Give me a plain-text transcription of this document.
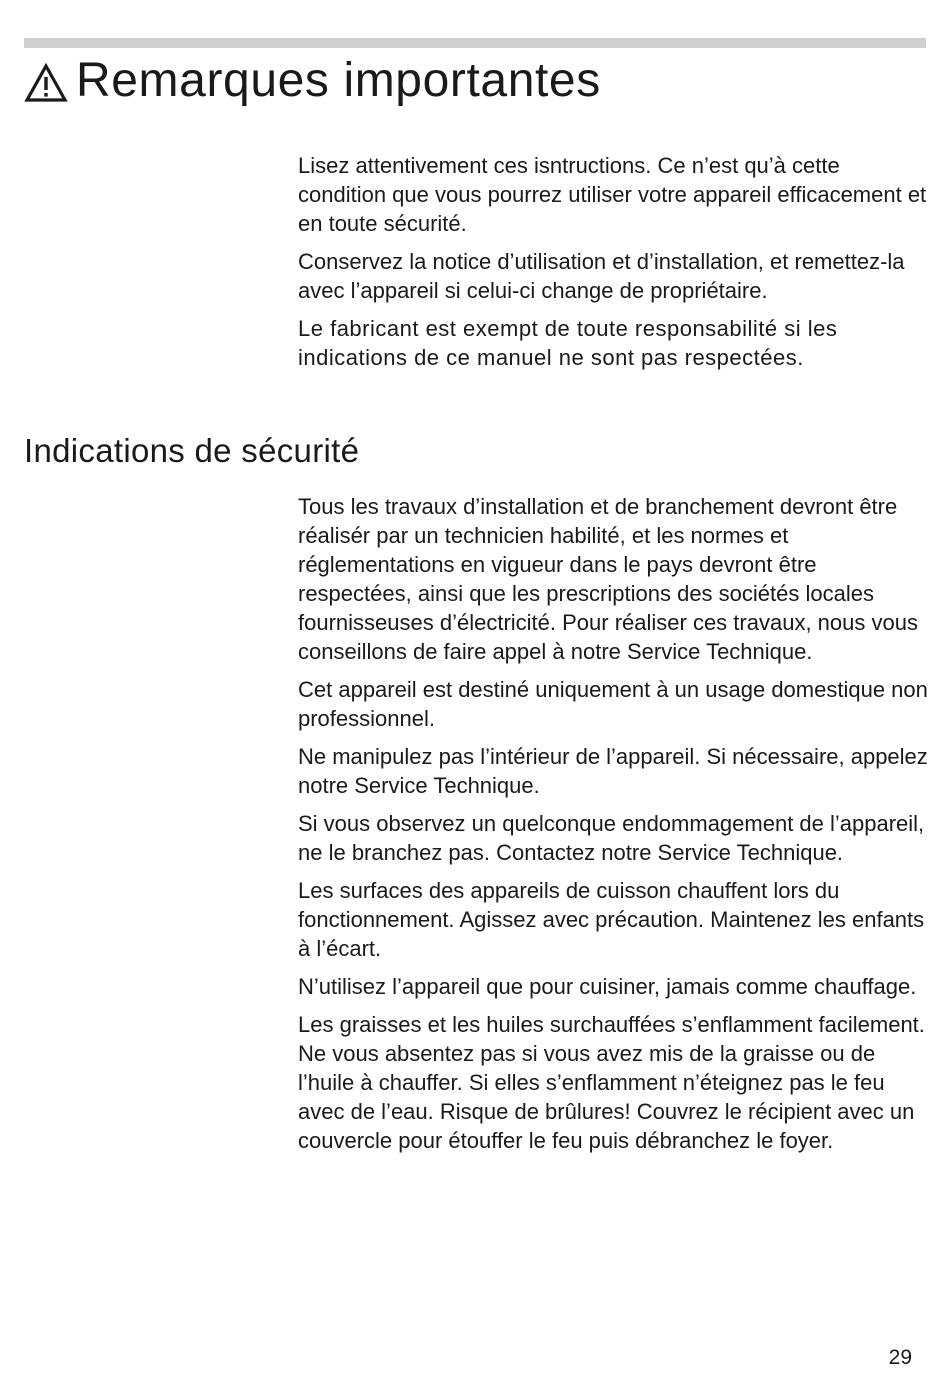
Remarques importantes

Lisez attentivement ces isntructions. Ce n’est qu’à cette condition que vous pourrez utiliser votre appareil efficacement et en toute sécurité.

Conservez la notice d’utilisation et d’installation, et remettez-la avec l’appareil si celui-ci change de propriétaire.

Le fabricant est exempt de toute responsabilité si les indications de ce manuel ne sont pas respectées.

Indications de sécurité

Tous les travaux d’installation et de branchement devront être réalisér par un technicien habilité, et les normes et réglementations en vigueur dans le pays devront être respectées, ainsi que les prescriptions des sociétés locales fournisseuses d’électricité. Pour réaliser ces travaux, nous vous conseillons de faire appel à notre Service Technique.

Cet appareil est destiné uniquement à un usage domestique non professionnel.

Ne manipulez pas l’intérieur de l’appareil. Si nécessaire, appelez notre Service Technique.

Si vous observez un quelconque endommagement de l’appareil, ne le branchez pas. Contactez notre Service Technique.

Les surfaces des appareils de cuisson chauffent lors du fonctionnement. Agissez avec précaution. Maintenez les enfants à l’écart.

N’utilisez l’appareil que pour cuisiner, jamais comme chauffage.

Les graisses et les huiles surchauffées s’enflamment facilement. Ne vous absentez pas si vous avez mis de la graisse ou de l’huile à chauffer. Si elles s’enflamment n’éteignez pas le feu avec de l’eau. Risque de brûlures! Couvrez le récipient avec un couvercle pour étouffer le feu puis débranchez le foyer.

29
